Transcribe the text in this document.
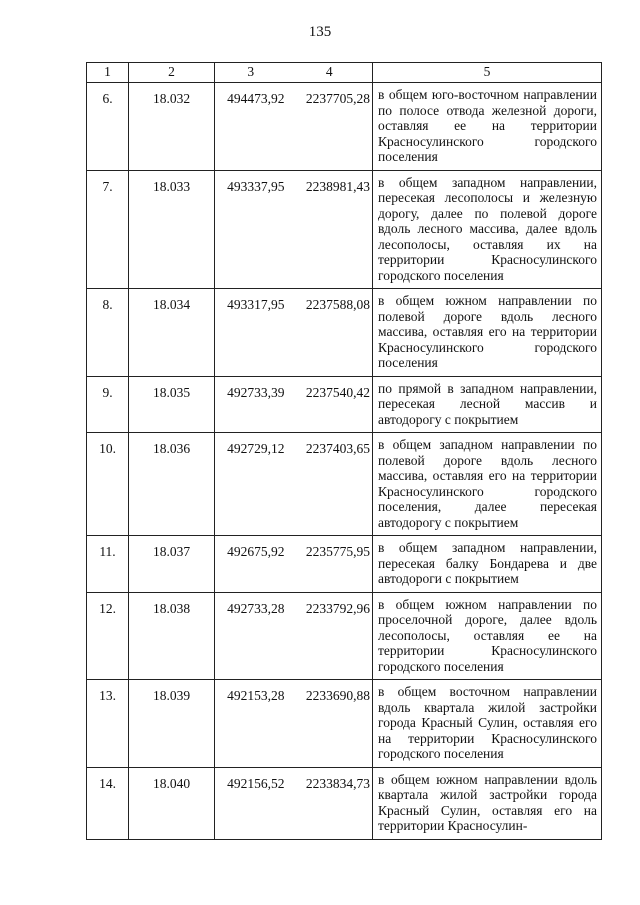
135
1	2	3	4	5
6.	18.032	494473,92	2237705,28	в общем юго-восточном направлении по полосе отвода железной дороги, оставляя ее на территории Красносулинского городского поселения
7.	18.033	493337,95	2238981,43	в общем западном направлении, пересекая лесополосы и железную дорогу, далее по полевой дороге вдоль лесного массива, далее вдоль лесополосы, оставляя их на территории Красносулинского городского поселения
8.	18.034	493317,95	2237588,08	в общем южном направлении по полевой дороге вдоль лесного массива, оставляя его на территории Красносулинского городского поселения
9.	18.035	492733,39	2237540,42	по прямой в западном направлении, пересекая лесной массив и автодорогу с покрытием
10.	18.036	492729,12	2237403,65	в общем западном направлении по полевой дороге вдоль лесного массива, оставляя его на территории Красносулинского городского поселения, далее пересекая автодорогу с покрытием
11.	18.037	492675,92	2235775,95	в общем западном направлении, пересекая балку Бондарева и две автодороги с покрытием
12.	18.038	492733,28	2233792,96	в общем южном направлении по проселочной дороге, далее вдоль лесополосы, оставляя ее на территории Красносулинского городского поселения
13.	18.039	492153,28	2233690,88	в общем восточном направлении вдоль квартала жилой застройки города Красный Сулин, оставляя его на территории Красносулинского городского поселения
14.	18.040	492156,52	2233834,73	в общем южном направлении вдоль квартала жилой застройки города Красный Сулин, оставляя его на территории Красносулин-
